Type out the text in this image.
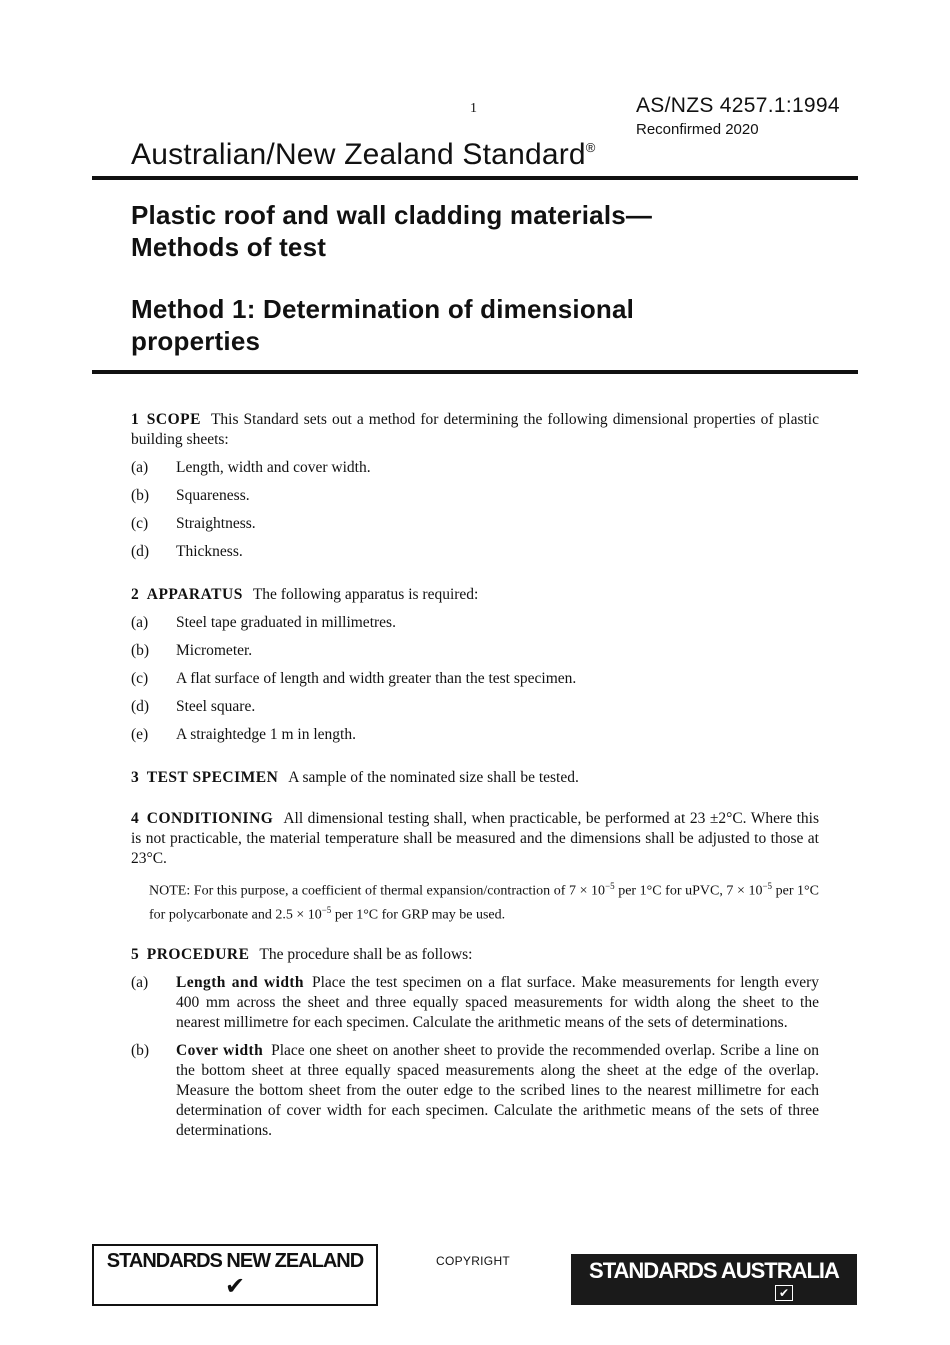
1	AS/NZS 4257.1:1994
Reconfirmed 2020
Australian/New Zealand Standard®
Plastic roof and wall cladding materials—
Methods of test
Method 1: Determination of dimensional
properties

1 SCOPE This Standard sets out a method for determining the following dimensional properties of plastic building sheets:

(a)	Length, width and cover width.
(b)	Squareness.
(c)	Straightness.
(d)	Thickness.

2 APPARATUS The following apparatus is required:

(a)	Steel tape graduated in millimetres.
(b)	Micrometer.
(c)	A flat surface of length and width greater than the test specimen.
(d)	Steel square.
(e)	A straightedge 1 m in length.

3 TEST SPECIMEN A sample of the nominated size shall be tested.

4 CONDITIONING All dimensional testing shall, when practicable, be performed at 23 ±2°C. Where this is not practicable, the material temperature shall be measured and the dimensions shall be adjusted to those at 23°C.

NOTE: For this purpose, a coefficient of thermal expansion/contraction of $7 \times 10^{-5}$ per 1°C for uPVC, $7 \times 10^{-5}$ per 1°C for polycarbonate and $2.5 \times 10^{-5}$ per 1°C for GRP may be used.

5 PROCEDURE The procedure shall be as follows:

(a)	Length and width Place the test specimen on a flat surface. Make measurements for length every 400 mm across the sheet and three equally spaced measurements for width along the sheet to the nearest millimetre for each specimen. Calculate the arithmetic means of the sets of determinations.
(b)	Cover width Place one sheet on another sheet to provide the recommended overlap. Scribe a line on the bottom sheet at three equally spaced measurements along the sheet at the edge of the overlap. Measure the bottom sheet from the outer edge to the scribed lines to the nearest millimetre for each determination of cover width for each specimen. Calculate the arithmetic means of the sets of three determinations.
STANDARDS NEW ZEALAND
✔
COPYRIGHT	STANDARDS AUSTRALIA
✔
